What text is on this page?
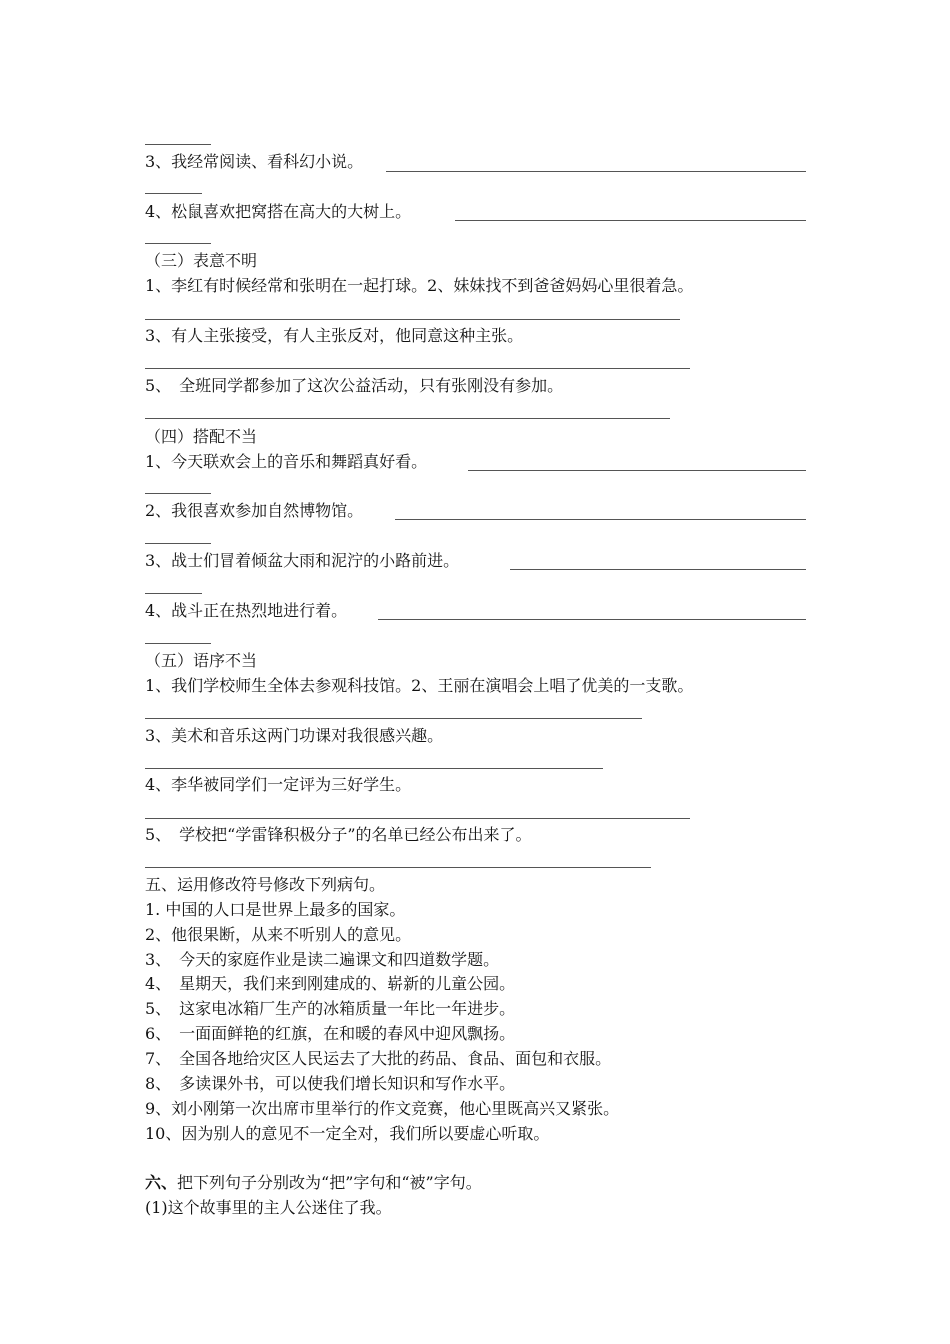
3、我经常阅读、看科幻小说。
4、松鼠喜欢把窝搭在高大的大树上。
（三）表意不明
1、李红有时候经常和张明在一起打球。2、妹妹找不到爸爸妈妈心里很着急。
3、有人主张接受，有人主张反对，他同意这种主张。
5、　全班同学都参加了这次公益活动，只有张刚没有参加。
（四）搭配不当
1、今天联欢会上的音乐和舞蹈真好看。
2、我很喜欢参加自然博物馆。
3、战士们冒着倾盆大雨和泥泞的小路前进。
4、战斗正在热烈地进行着。
（五）语序不当
1、我们学校师生全体去参观科技馆。2、王丽在演唱会上唱了优美的一支歌。
3、美术和音乐这两门功课对我很感兴趣。
4、李华被同学们一定评为三好学生。
5、　学校把“学雷锋积极分子”的名单已经公布出来了。
五、运用修改符号修改下列病句。
1. 中国的人口是世界上最多的国家。
2、他很果断，从来不听别人的意见。
3、　今天的家庭作业是读二遍课文和四道数学题。
4、　星期天，我们来到刚建成的、崭新的儿童公园。
5、　这家电冰箱厂生产的冰箱质量一年比一年进步。
6、　一面面鲜艳的红旗，在和暖的春风中迎风飘扬。
7、　全国各地给灾区人民运去了大批的药品、食品、面包和衣服。
8、　多读课外书，可以使我们增长知识和写作水平。
9、刘小刚第一次出席市里举行的作文竞赛，他心里既高兴又紧张。
10、因为别人的意见不一定全对，我们所以要虚心听取。
六、把下列句子分别改为“把”字句和“被”字句。
(1)这个故事里的主人公迷住了我。
